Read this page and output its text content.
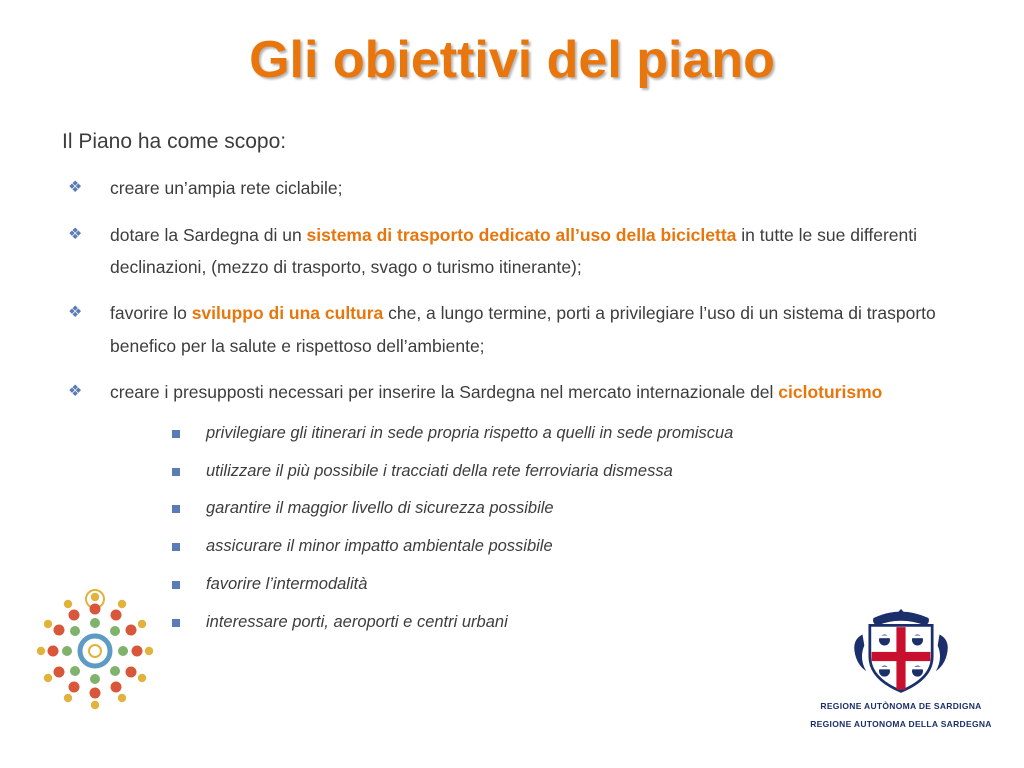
Gli obiettivi del piano

Il Piano ha come scopo:

❖ creare un’ampia rete ciclabile;
❖ dotare la Sardegna di un sistema di trasporto dedicato all’uso della bicicletta in tutte le sue differenti declinazioni, (mezzo di trasporto, svago o turismo itinerante);
❖ favorire lo sviluppo di una cultura che, a lungo termine, porti a privilegiare l’uso di un sistema di trasporto benefico per la salute e rispettoso dell’ambiente;
❖ creare i presupposti necessari per inserire la Sardegna nel mercato internazionale del cicloturismo
privilegiare gli itinerari in sede propria rispetto a quelli in sede promiscua
utilizzare il più possibile i tracciati della rete ferroviaria dismessa
garantire il maggior livello di sicurezza possibile
assicurare il minor impatto ambientale possibile
favorire l’intermodalità
interessare porti, aeroporti e centri urbani
REGIONE AUTÒNOMA DE SARDIGNA
REGIONE AUTONOMA DELLA SARDEGNA
